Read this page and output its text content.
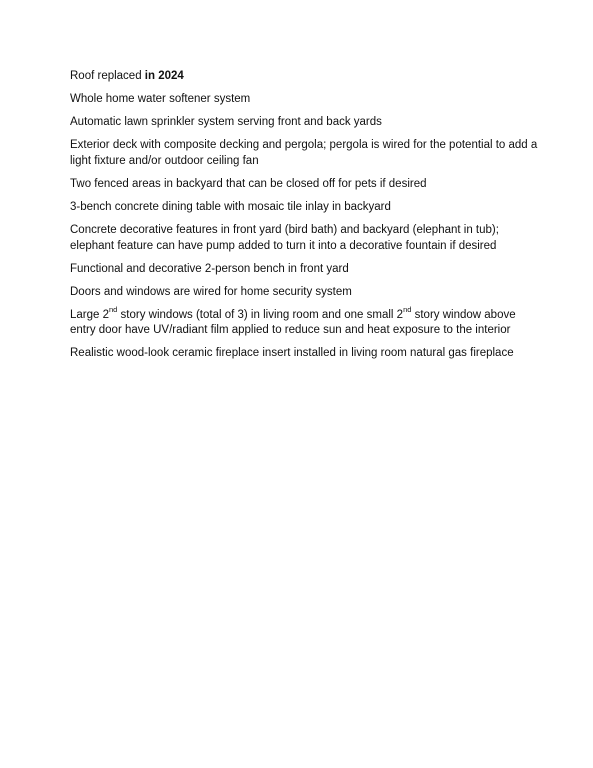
Roof replaced in 2024
Whole home water softener system
Automatic lawn sprinkler system serving front and back yards
Exterior deck with composite decking and pergola; pergola is wired for the potential to add a light fixture and/or outdoor ceiling fan
Two fenced areas in backyard that can be closed off for pets if desired
3-bench concrete dining table with mosaic tile inlay in backyard
Concrete decorative features in front yard (bird bath) and backyard (elephant in tub); elephant feature can have pump added to turn it into a decorative fountain if desired
Functional and decorative 2-person bench in front yard
Doors and windows are wired for home security system
Large 2nd story windows (total of 3) in living room and one small 2nd story window above entry door have UV/radiant film applied to reduce sun and heat exposure to the interior
Realistic wood-look ceramic fireplace insert installed in living room natural gas fireplace
